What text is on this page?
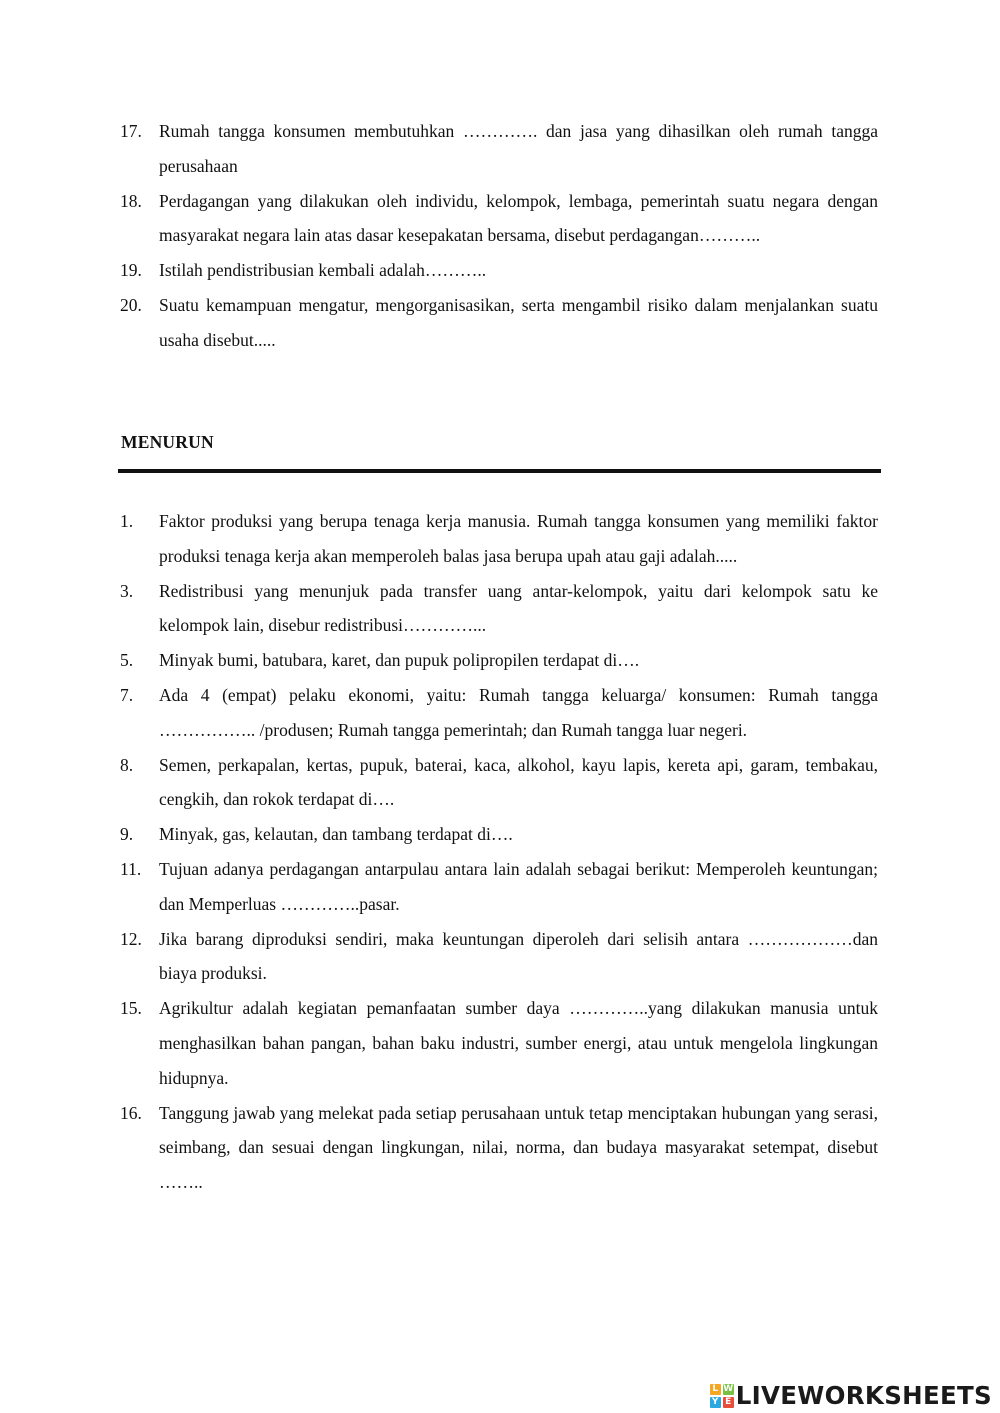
17. Rumah tangga konsumen membutuhkan …………. dan jasa yang dihasilkan oleh rumah tangga perusahaan
18. Perdagangan yang dilakukan oleh individu, kelompok, lembaga, pemerintah suatu negara dengan masyarakat negara lain atas dasar kesepakatan bersama, disebut perdagangan………..
19. Istilah pendistribusian kembali adalah………..
20. Suatu kemampuan mengatur, mengorganisasikan, serta mengambil risiko dalam menjalankan suatu usaha disebut.....
MENURUN
1. Faktor produksi yang berupa tenaga kerja manusia. Rumah tangga konsumen yang memiliki faktor produksi tenaga kerja akan memperoleh balas jasa berupa upah atau gaji adalah.....
3. Redistribusi yang menunjuk pada transfer uang antar-kelompok, yaitu dari kelompok satu ke kelompok lain, disebur redistribusi…………...
5. Minyak bumi, batubara, karet, dan pupuk polipropilen terdapat di….
7. Ada 4 (empat) pelaku ekonomi, yaitu: Rumah tangga keluarga/ konsumen: Rumah tangga …………….. /produsen; Rumah tangga pemerintah; dan Rumah tangga luar negeri.
8. Semen, perkapalan, kertas, pupuk, baterai, kaca, alkohol, kayu lapis, kereta api, garam, tembakau, cengkih, dan rokok terdapat di….
9. Minyak, gas, kelautan, dan tambang terdapat di….
11. Tujuan adanya perdagangan antarpulau antara lain adalah sebagai berikut: Memperoleh keuntungan; dan Memperluas …………..pasar.
12. Jika barang diproduksi sendiri, maka keuntungan diperoleh dari selisih antara ………………dan biaya produksi.
15. Agrikultur adalah kegiatan pemanfaatan sumber daya …………..yang dilakukan manusia untuk menghasilkan bahan pangan, bahan baku industri, sumber energi, atau untuk mengelola lingkungan hidupnya.
16. Tanggung jawab yang melekat pada setiap perusahaan untuk tetap menciptakan hubungan yang serasi, seimbang, dan sesuai dengan lingkungan, nilai, norma, dan budaya masyarakat setempat, disebut ……..
L W
Y E LIVEWORKSHEETS
